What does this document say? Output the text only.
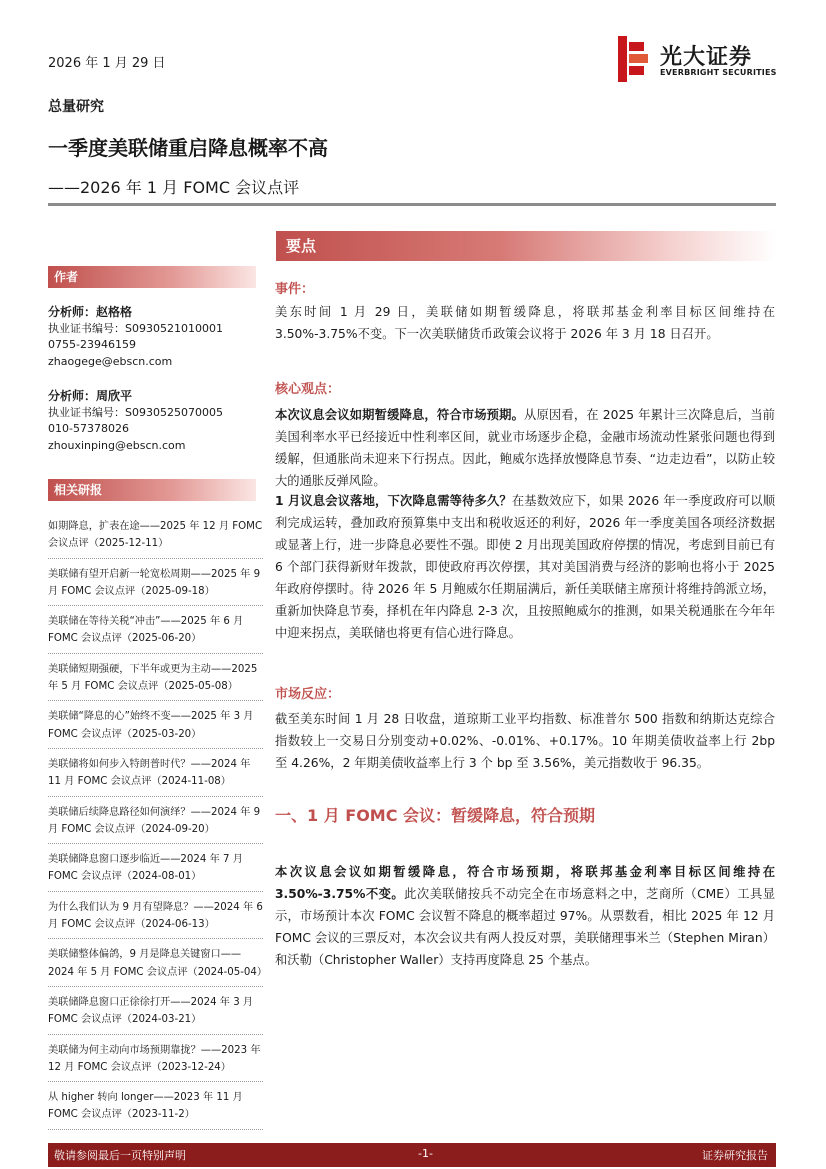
2026 年 1 月 29 日	光大证券
EVERBRIGHT SECURITIES
总量研究
一季度美联储重启降息概率不高
——2026 年 1 月 FOMC 会议点评
作者
分析师：赵格格
执业证书编号：S0930521010001
0755-23946159
zhaogege@ebscn.com
分析师：周欣平
执业证书编号：S0930525070005
010-57378026
zhouxinping@ebscn.com
相关研报
如期降息，扩表在途——2025 年 12 月 FOMC 会议点评（2025-12-11）
美联储有望开启新一轮宽松周期——2025 年 9 月 FOMC 会议点评（2025-09-18）
美联储在等待关税“冲击”——2025 年 6 月 FOMC 会议点评（2025-06-20）
美联储短期强硬，下半年或更为主动——2025 年 5 月 FOMC 会议点评（2025-05-08）
美联储“降息的心”始终不变——2025 年 3 月 FOMC 会议点评（2025-03-20）
美联储将如何步入特朗普时代？——2024 年 11 月 FOMC 会议点评（2024-11-08）
美联储后续降息路径如何演绎？——2024 年 9 月 FOMC 会议点评（2024-09-20）
美联储降息窗口逐步临近——2024 年 7 月 FOMC 会议点评（2024-08-01）
为什么我们认为 9 月有望降息？——2024 年 6 月 FOMC 会议点评（2024-06-13）
美联储整体偏鸽，9 月是降息关键窗口——2024 年 5 月 FOMC 会议点评（2024-05-04）
美联储降息窗口正徐徐打开——2024 年 3 月 FOMC 会议点评（2024-03-21）
美联储为何主动向市场预期靠拢？——2023 年 12 月 FOMC 会议点评（2023-12-24）
从 higher 转向 longer——2023 年 11 月 FOMC 会议点评（2023-11-2）
要点
事件：
美东时间 1 月 29 日，美联储如期暂缓降息，将联邦基金利率目标区间维持在 3.50%-3.75%不变。下一次美联储货币政策会议将于 2026 年 3 月 18 日召开。
核心观点：
本次议息会议如期暂缓降息，符合市场预期。从原因看，在 2025 年累计三次降息后，当前美国利率水平已经接近中性利率区间，就业市场逐步企稳，金融市场流动性紧张问题也得到缓解，但通胀尚未迎来下行拐点。因此，鲍威尔选择放慢降息节奏、“边走边看”，以防止较大的通胀反弹风险。
1 月议息会议落地，下次降息需等待多久？在基数效应下，如果 2026 年一季度政府可以顺利完成运转，叠加政府预算集中支出和税收返还的利好，2026 年一季度美国各项经济数据或显著上行，进一步降息必要性不强。即使 2 月出现美国政府停摆的情况，考虑到目前已有 6 个部门获得新财年拨款，即使政府再次停摆，其对美国消费与经济的影响也将小于 2025 年政府停摆时。待 2026 年 5 月鲍威尔任期届满后，新任美联储主席预计将维持鸽派立场，重新加快降息节奏，择机在年内降息 2-3 次，且按照鲍威尔的推测，如果关税通胀在今年年中迎来拐点，美联储也将更有信心进行降息。
市场反应：
截至美东时间 1 月 28 日收盘，道琼斯工业平均指数、标准普尔 500 指数和纳斯达克综合指数较上一交易日分别变动+0.02%、-0.01%、+0.17%。10 年期美债收益率上行 2bp 至 4.26%，2 年期美债收益率上行 3 个 bp 至 3.56%，美元指数收于 96.35。
一、1 月 FOMC 会议：暂缓降息，符合预期
本次议息会议如期暂缓降息，符合市场预期，将联邦基金利率目标区间维持在 3.50%-3.75%不变。此次美联储按兵不动完全在市场意料之中，芝商所（CME）工具显示，市场预计本次 FOMC 会议暂不降息的概率超过 97%。从票数看，相比 2025 年 12 月 FOMC 会议的三票反对，本次会议共有两人投反对票，美联储理事米兰（Stephen Miran）和沃勒（Christopher Waller）支持再度降息 25 个基点。
敬请参阅最后一页特别声明	-1-	证券研究报告
